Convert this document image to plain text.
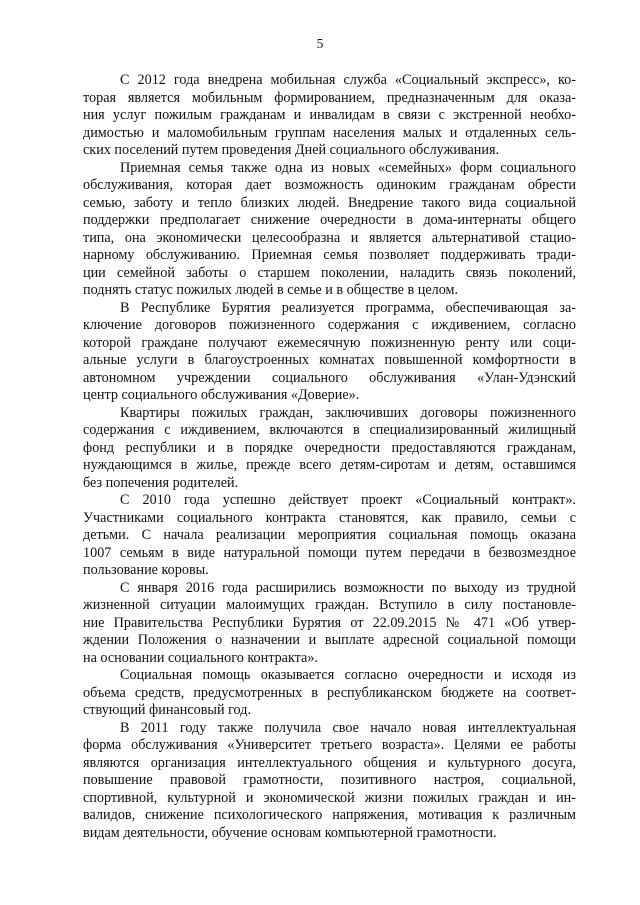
5

С 2012 года внедрена мобильная служба «Социальный экспресс», ко-
торая является мобильным формированием, предназначенным для оказа-
ния услуг пожилым гражданам и инвалидам в связи с экстренной необхо-
димостью и маломобильным группам населения малых и отдаленных сель-
ских поселений путем проведения Дней социального обслуживания.

Приемная семья также одна из новых «семейных» форм социального
обслуживания, которая дает возможность одиноким гражданам обрести
семью, заботу и тепло близких людей. Внедрение такого вида социальной
поддержки предполагает снижение очередности в дома-интернаты общего
типа, она экономически целесообразна и является альтернативой стацио-
нарному обслуживанию. Приемная семья позволяет поддерживать тради-
ции семейной заботы о старшем поколении, наладить связь поколений,
поднять статус пожилых людей в семье и в обществе в целом.

В Республике Бурятия реализуется программа, обеспечивающая за-
ключение договоров пожизненного содержания с иждивением, согласно
которой граждане получают ежемесячную пожизненную ренту или соци-
альные услуги в благоустроенных комнатах повышенной комфортности в
автономном учреждении социального обслуживания «Улан-Удэнский
центр социального обслуживания «Доверие».

Квартиры пожилых граждан, заключивших договоры пожизненного
содержания с иждивением, включаются в специализированный жилищный
фонд республики и в порядке очередности предоставляются гражданам,
нуждающимся в жилье, прежде всего детям-сиротам и детям, оставшимся
без попечения родителей.

С 2010 года успешно действует проект «Социальный контракт».
Участниками социального контракта становятся, как правило, семьи с
детьми. С начала реализации мероприятия социальная помощь оказана
1007 семьям в виде натуральной помощи путем передачи в безвозмездное
пользование коровы.

С января 2016 года расширились возможности по выходу из трудной
жизненной ситуации малоимущих граждан. Вступило в силу постановле-
ние Правительства Республики Бурятия от 22.09.2015 № 471 «Об утвер-
ждении Положения о назначении и выплате адресной социальной помощи
на основании социального контракта».

Социальная помощь оказывается согласно очередности и исходя из
объема средств, предусмотренных в республиканском бюджете на соответ-
ствующий финансовый год.

В 2011 году также получила свое начало новая интеллектуальная
форма обслуживания «Университет третьего возраста». Целями ее работы
являются организация интеллектуального общения и культурного досуга,
повышение правовой грамотности, позитивного настроя, социальной,
спортивной, культурной и экономической жизни пожилых граждан и ин-
валидов, снижение психологического напряжения, мотивация к различным
видам деятельности, обучение основам компьютерной грамотности.
